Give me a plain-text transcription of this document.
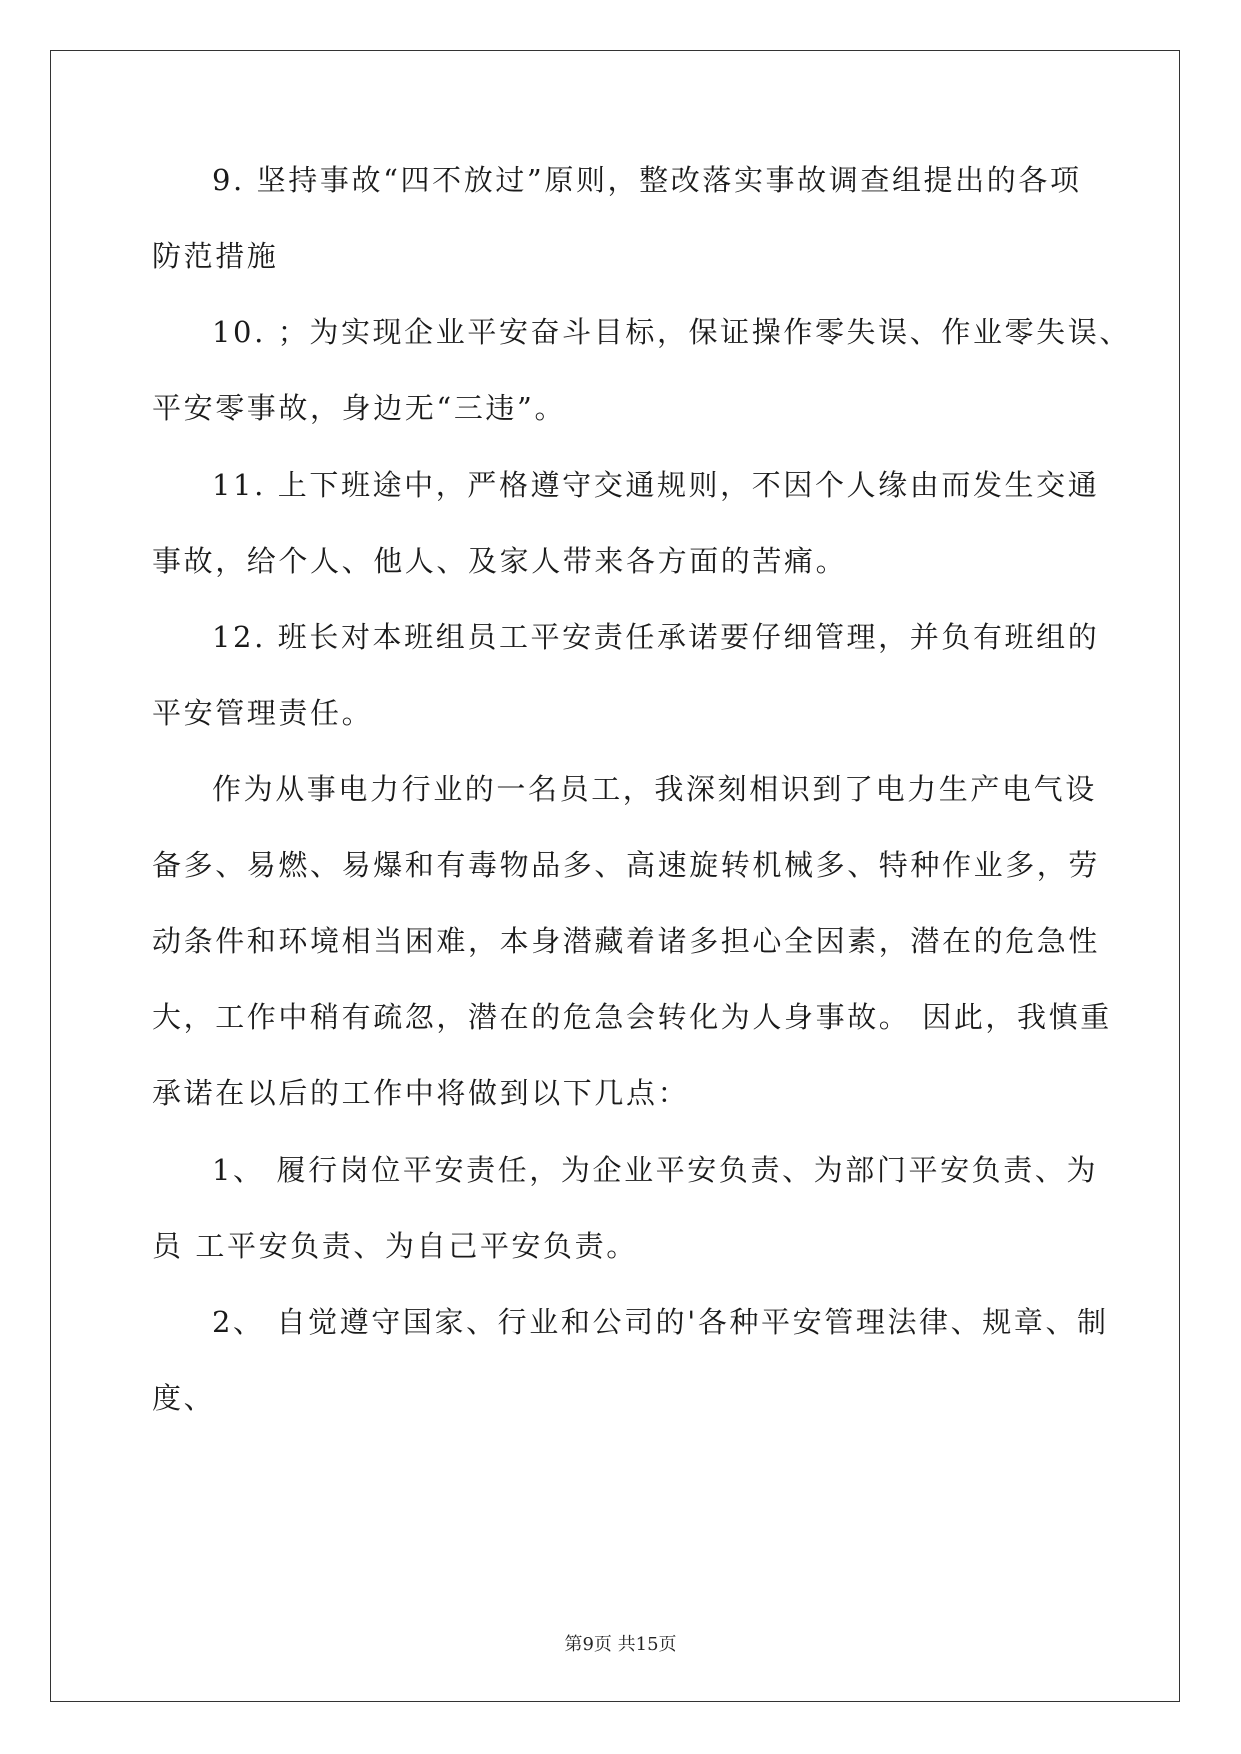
9. 坚持事故“四不放过”原则，整改落实事故调查组提出的各项
防范措施
10. ；为实现企业平安奋斗目标，保证操作零失误、作业零失误、
平安零事故，身边无“三违”。
11. 上下班途中，严格遵守交通规则，不因个人缘由而发生交通
事故，给个人、他人、及家人带来各方面的苦痛。
12. 班长对本班组员工平安责任承诺要仔细管理，并负有班组的
平安管理责任。
作为从事电力行业的一名员工，我深刻相识到了电力生产电气设
备多、易燃、易爆和有毒物品多、高速旋转机械多、特种作业多，劳
动条件和环境相当困难，本身潜藏着诸多担心全因素，潜在的危急性
大，工作中稍有疏忽，潜在的危急会转化为人身事故。 因此，我慎重
承诺在以后的工作中将做到以下几点：
1、 履行岗位平安责任，为企业平安负责、为部门平安负责、为
员 工平安负责、为自己平安负责。
2、 自觉遵守国家、行业和公司的'各种平安管理法律、规章、制
度、
第9页 共15页
